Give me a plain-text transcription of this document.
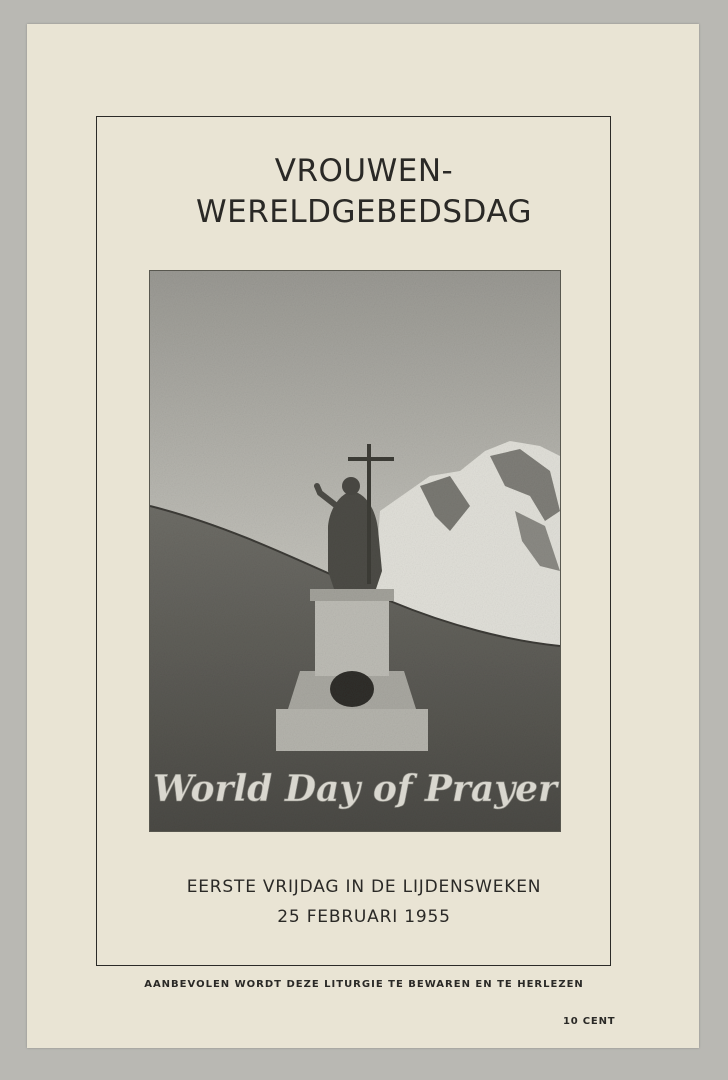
VROUWEN-
WERELDGEBEDSDAG
World Day of Prayer
EERSTE VRIJDAG IN DE LIJDENSWEKEN
25 FEBRUARI 1955
AANBEVOLEN WORDT DEZE LITURGIE TE BEWAREN EN TE HERLEZEN
10 CENT
